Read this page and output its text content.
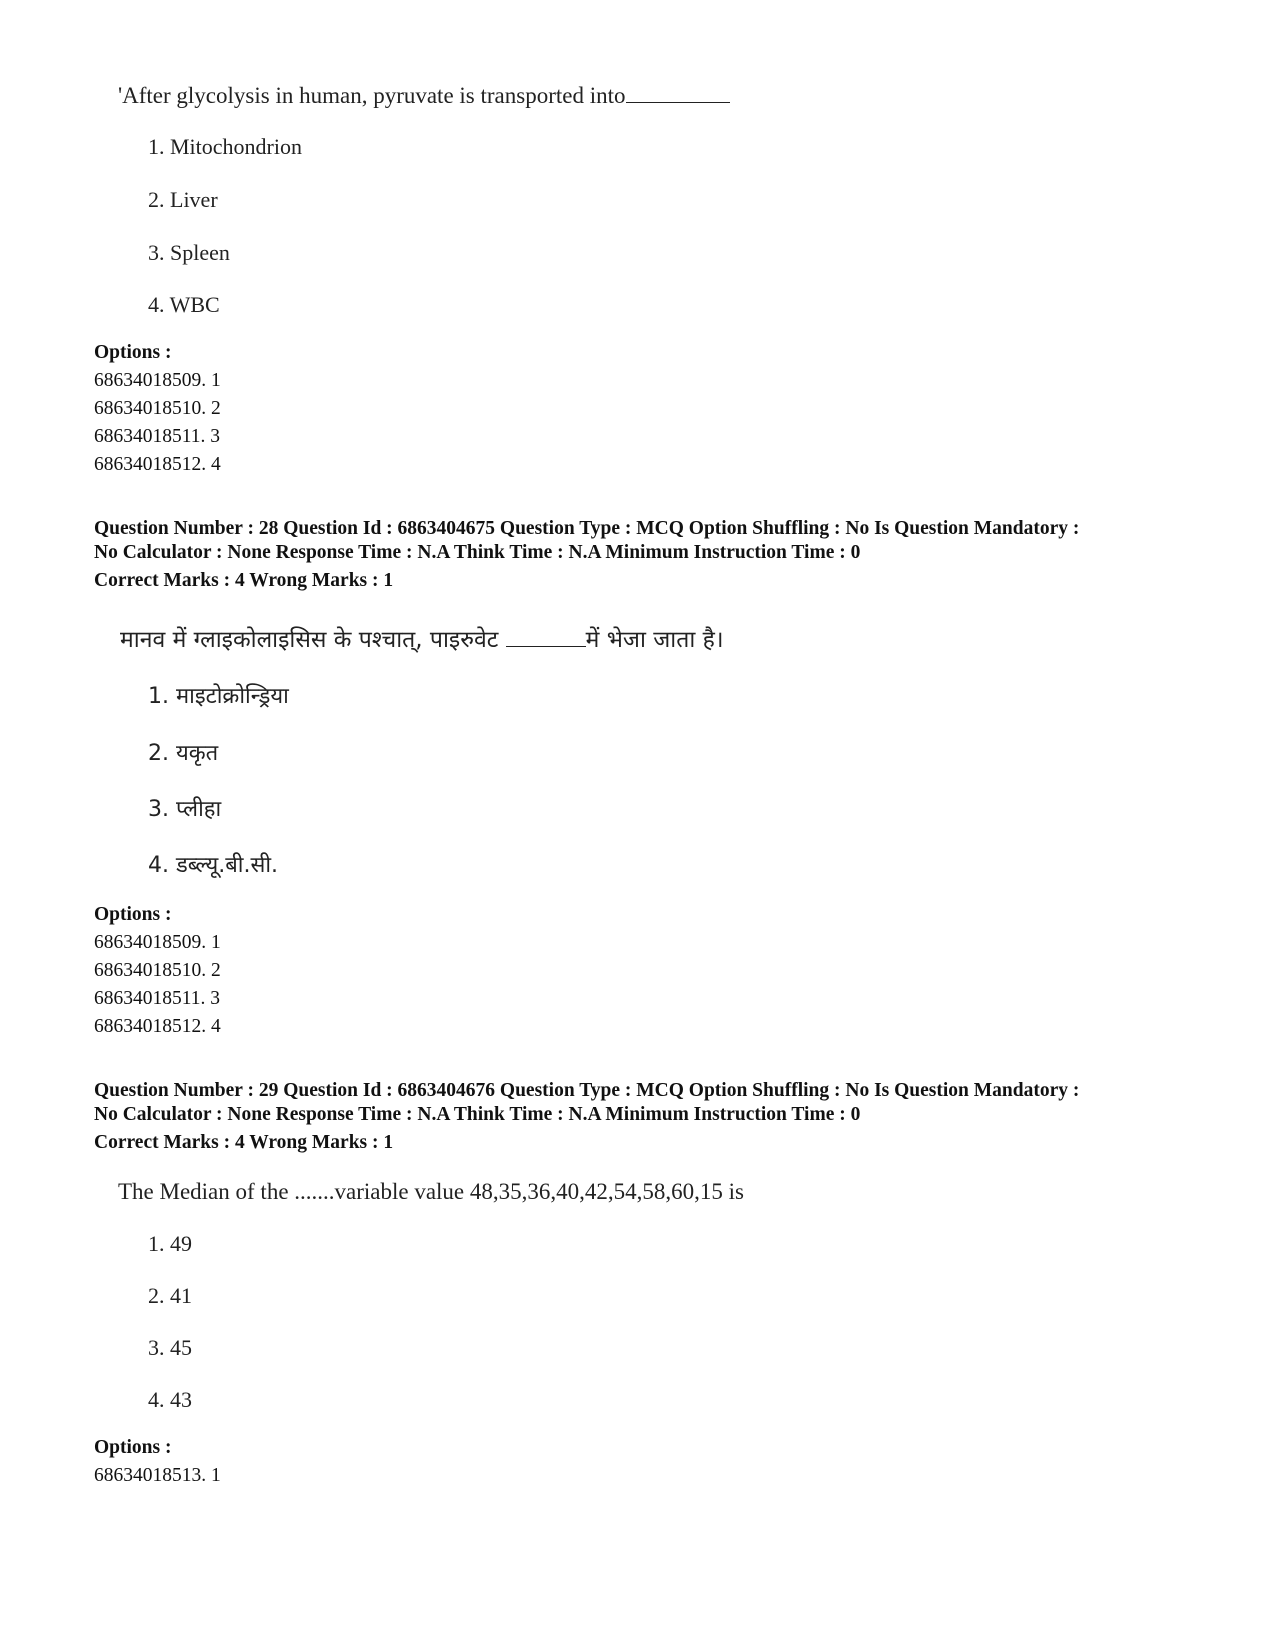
'After glycolysis in human, pyruvate is transported into
1. Mitochondrion
2. Liver
3. Spleen
4. WBC
Options :
68634018509. 1
68634018510. 2
68634018511. 3
68634018512. 4
Question Number : 28 Question Id : 6863404675 Question Type : MCQ Option Shuffling : No Is Question Mandatory :
No Calculator : None Response Time : N.A Think Time : N.A Minimum Instruction Time : 0
Correct Marks : 4 Wrong Marks : 1
मानव में ग्लाइकोलाइसिस के पश्चात्, पाइरुवेट	में भेजा जाता है।
1. माइटोक्रोन्ड्रिया
2. यकृत
3. प्लीहा
4. डब्ल्यू.बी.सी.
Options :
68634018509. 1
68634018510. 2
68634018511. 3
68634018512. 4
Question Number : 29 Question Id : 6863404676 Question Type : MCQ Option Shuffling : No Is Question Mandatory :
No Calculator : None Response Time : N.A Think Time : N.A Minimum Instruction Time : 0
Correct Marks : 4 Wrong Marks : 1
The Median of the .......variable value 48,35,36,40,42,54,58,60,15 is
1. 49
2. 41
3. 45
4. 43
Options :
68634018513. 1
